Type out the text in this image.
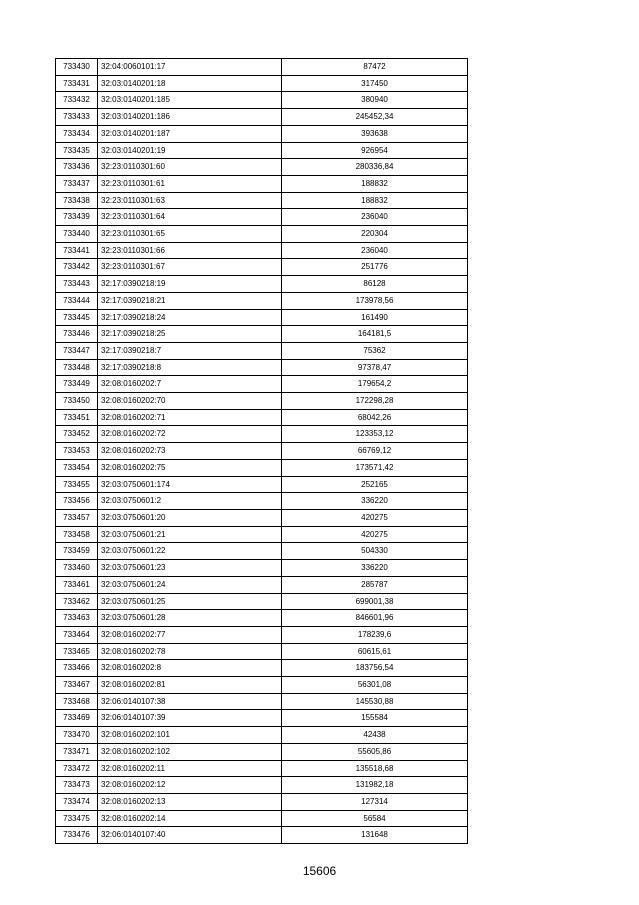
733430	32:04:0060101:17	87472
733431	32:03:0140201:18	317450
733432	32:03:0140201:185	380940
733433	32:03:0140201:186	245452,34
733434	32:03:0140201:187	393638
733435	32:03:0140201:19	926954
733436	32:23:0110301:60	280336,84
733437	32:23:0110301:61	188832
733438	32:23:0110301:63	188832
733439	32:23:0110301:64	236040
733440	32:23:0110301:65	220304
733441	32:23:0110301:66	236040
733442	32:23:0110301:67	251776
733443	32:17:0390218:19	86128
733444	32:17:0390218:21	173978,56
733445	32:17:0390218:24	161490
733446	32:17:0390218:25	164181,5
733447	32:17:0390218:7	75362
733448	32:17:0390218:8	97378,47
733449	32:08:0160202:7	179654,2
733450	32:08:0160202:70	172298,28
733451	32:08:0160202:71	68042,26
733452	32:08:0160202:72	123353,12
733453	32:08:0160202:73	66769,12
733454	32:08:0160202:75	173571,42
733455	32:03:0750601:174	252165
733456	32:03:0750601:2	336220
733457	32:03:0750601:20	420275
733458	32:03:0750601:21	420275
733459	32:03:0750601:22	504330
733460	32:03:0750601:23	336220
733461	32:03:0750601:24	285787
733462	32:03:0750601:25	699001,38
733463	32:03:0750601:28	846601,96
733464	32:08:0160202:77	178239,6
733465	32:08:0160202:78	60615,61
733466	32:08:0160202:8	183756,54
733467	32:08:0160202:81	56301,08
733468	32:06:0140107:38	145530,88
733469	32:06:0140107:39	155584
733470	32:08:0160202:101	42438
733471	32:08:0160202:102	55605,86
733472	32:08:0160202:11	135518,68
733473	32:08:0160202:12	131982,18
733474	32:08:0160202:13	127314
733475	32:08:0160202:14	56584
733476	32:06:0140107:40	131648
15606
